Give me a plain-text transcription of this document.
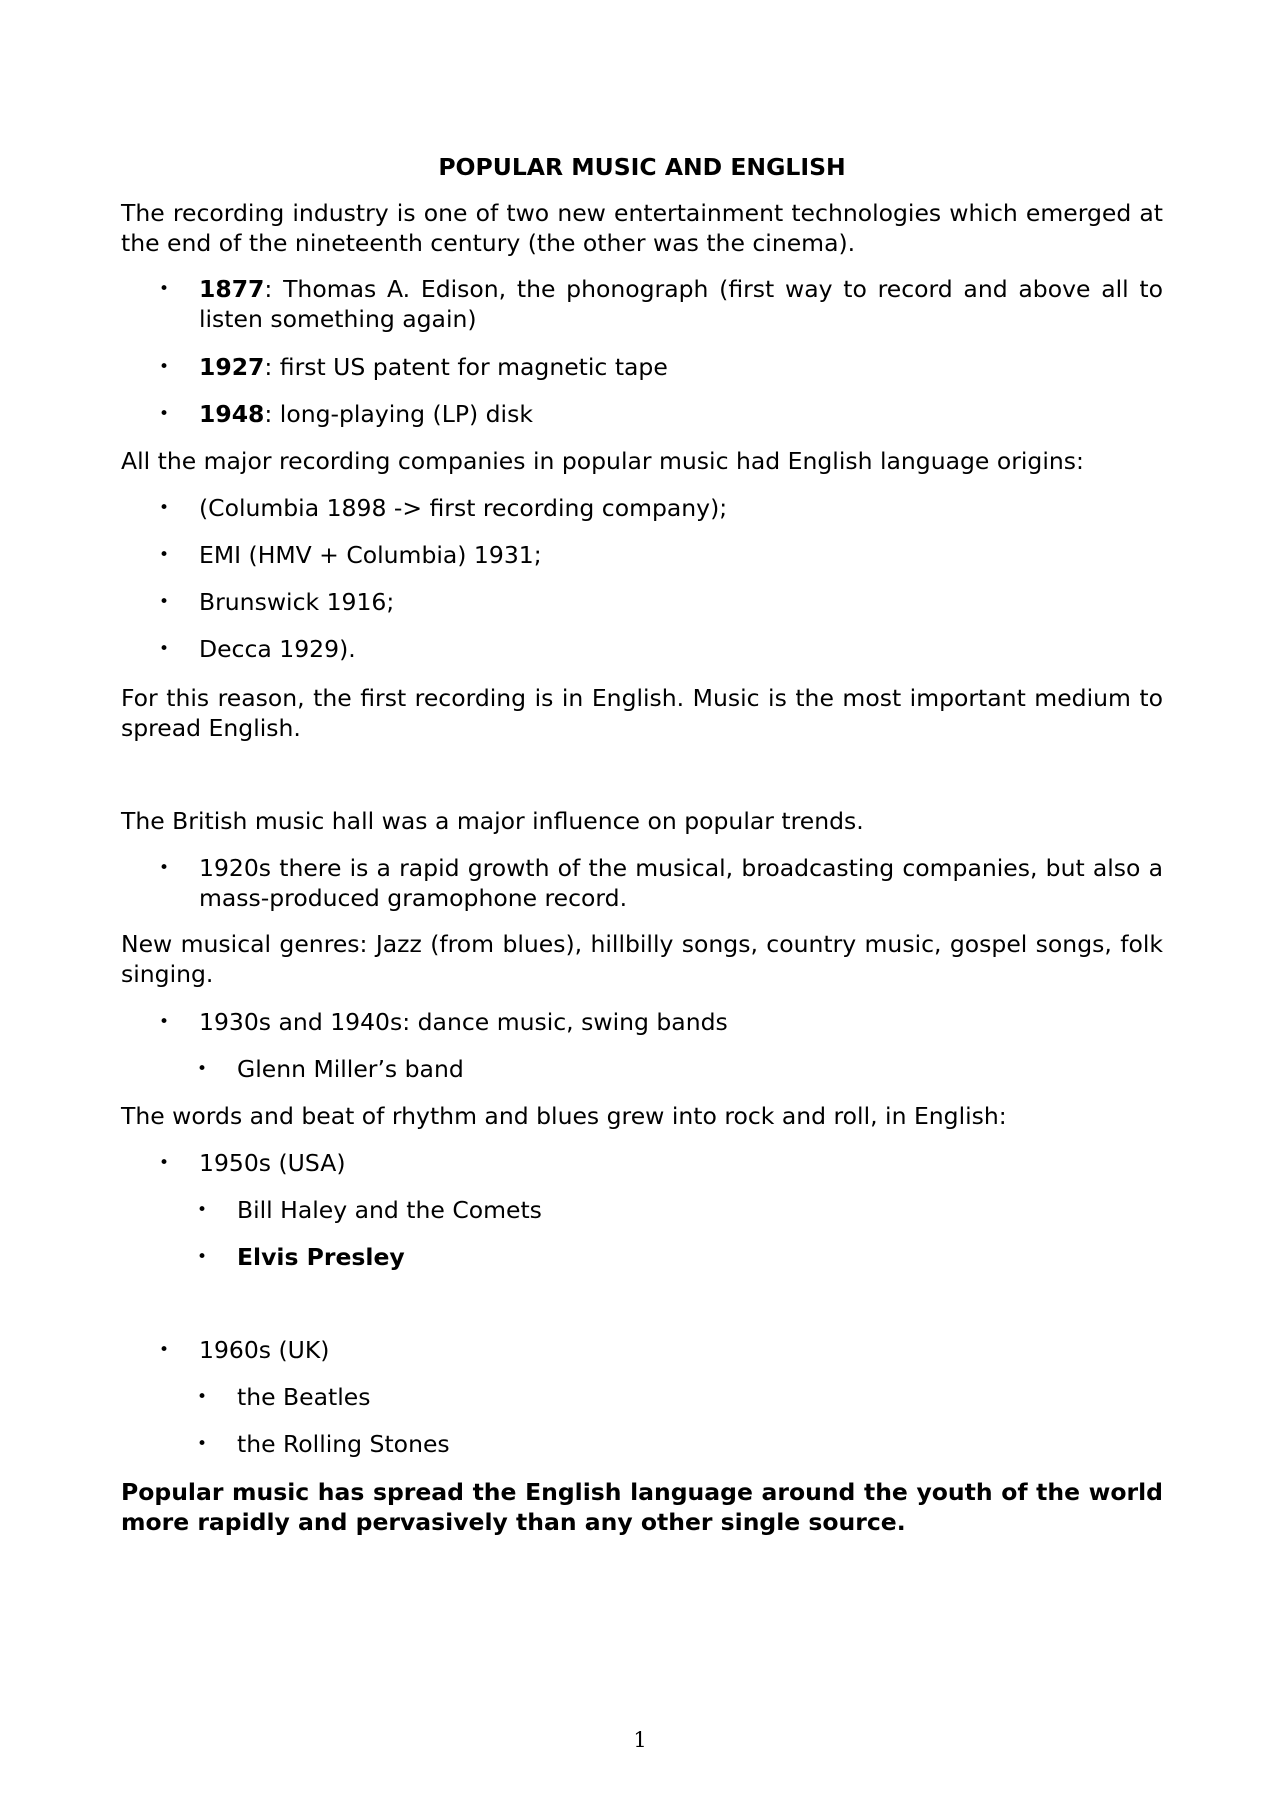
POPULAR MUSIC AND ENGLISH
The recording industry is one of two new entertainment technologies which emerged at the end of the nineteenth century (the other was the cinema).
• 1877: Thomas A. Edison, the phonograph (first way to record and above all to listen something again)
• 1927: first US patent for magnetic tape
• 1948: long-playing (LP) disk
All the major recording companies in popular music had English language origins:
• (Columbia 1898 -> first recording company);
• EMI (HMV + Columbia) 1931;
• Brunswick 1916;
• Decca 1929).
For this reason, the first recording is in English. Music is the most important medium to spread English.
The British music hall was a major influence on popular trends.
• 1920s there is a rapid growth of the musical, broadcasting companies, but also a mass-produced gramophone record.
New musical genres: Jazz (from blues), hillbilly songs, country music, gospel songs, folk singing.
• 1930s and 1940s: dance music, swing bands
• Glenn Miller’s band
The words and beat of rhythm and blues grew into rock and roll, in English:
• 1950s (USA)
• Bill Haley and the Comets
• Elvis Presley
• 1960s (UK)
• the Beatles
• the Rolling Stones
Popular music has spread the English language around the youth of the world more rapidly and pervasively than any other single source.
1
